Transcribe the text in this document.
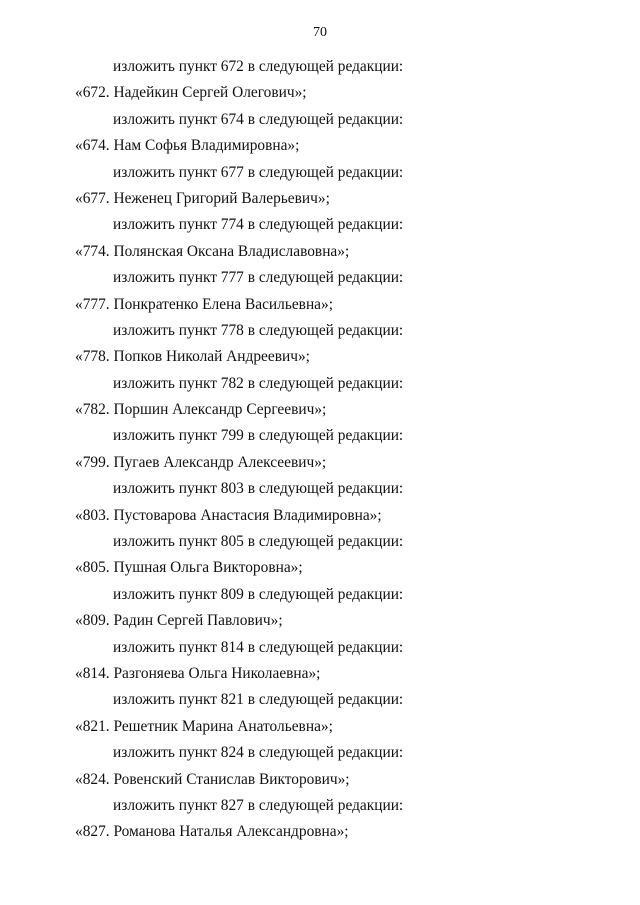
70
изложить пункт 672 в следующей редакции:
«672. Надейкин Сергей Олегович»;
изложить пункт 674 в следующей редакции:
«674. Нам Софья Владимировна»;
изложить пункт 677 в следующей редакции:
«677. Неженец Григорий Валерьевич»;
изложить пункт 774 в следующей редакции:
«774. Полянская Оксана Владиславовна»;
изложить пункт 777 в следующей редакции:
«777. Понкратенко Елена Васильевна»;
изложить пункт 778 в следующей редакции:
«778. Попков Николай Андреевич»;
изложить пункт 782 в следующей редакции:
«782. Поршин Александр Сергеевич»;
изложить пункт 799 в следующей редакции:
«799. Пугаев Александр Алексеевич»;
изложить пункт 803 в следующей редакции:
«803. Пустоварова Анастасия Владимировна»;
изложить пункт 805 в следующей редакции:
«805. Пушная Ольга Викторовна»;
изложить пункт 809 в следующей редакции:
«809. Радин Сергей Павлович»;
изложить пункт 814 в следующей редакции:
«814. Разгоняева Ольга Николаевна»;
изложить пункт 821 в следующей редакции:
«821. Решетник Марина Анатольевна»;
изложить пункт 824 в следующей редакции:
«824. Ровенский Станислав Викторович»;
изложить пункт 827 в следующей редакции:
«827. Романова Наталья Александровна»;
